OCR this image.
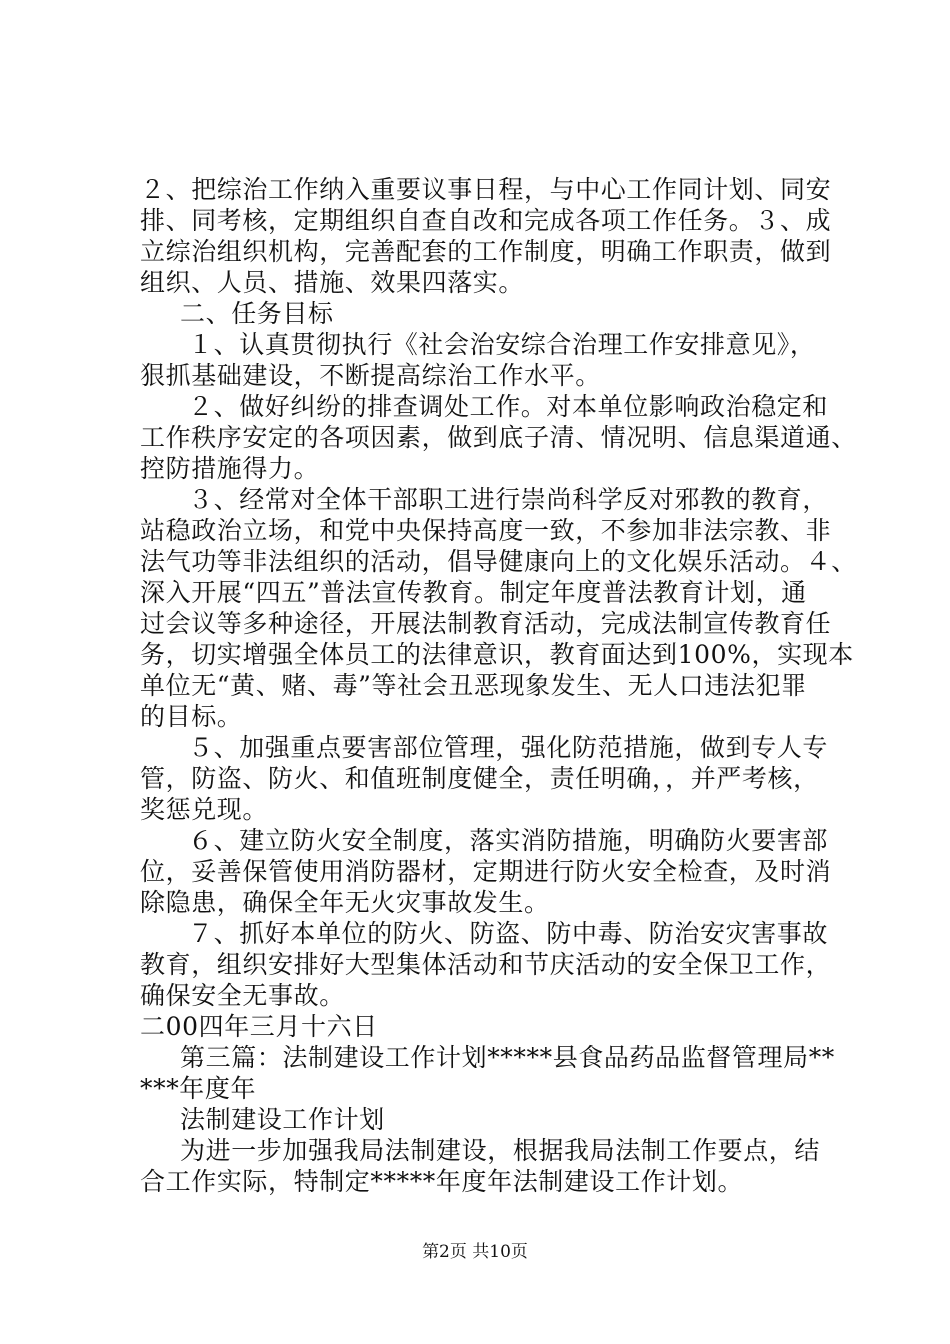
２、把综治工作纳入重要议事日程，与中心工作同计划、同安
排、同考核，定期组织自查自改和完成各项工作任务。３、成
立综治组织机构，完善配套的工作制度，明确工作职责，做到
组织、人员、措施、效果四落实。
二、任务目标
１、认真贯彻执行《社会治安综合治理工作安排意见》，
狠抓基础建设，不断提高综治工作水平。
２、做好纠纷的排查调处工作。对本单位影响政治稳定和
工作秩序安定的各项因素，做到底子清、情况明、信息渠道通、
控防措施得力。
３、经常对全体干部职工进行崇尚科学反对邪教的教育，
站稳政治立场，和党中央保持高度一致，不参加非法宗教、非
法气功等非法组织的活动，倡导健康向上的文化娱乐活动。４、
深入开展“四五”普法宣传教育。制定年度普法教育计划，通
过会议等多种途径，开展法制教育活动，完成法制宣传教育任
务，切实增强全体员工的法律意识，教育面达到100%，实现本
单位无“黄、赌、毒”等社会丑恶现象发生、无人口违法犯罪
的目标。
５、加强重点要害部位管理，强化防范措施，做到专人专
管，防盗、防火、和值班制度健全，责任明确，，并严考核，
奖惩兑现。
６、建立防火安全制度，落实消防措施，明确防火要害部
位，妥善保管使用消防器材，定期进行防火安全检查，及时消
除隐患，确保全年无火灾事故发生。
７、抓好本单位的防火、防盗、防中毒、防治安灾害事故
教育，组织安排好大型集体活动和节庆活动的安全保卫工作，
确保安全无事故。
二00四年三月十六日
第三篇：法制建设工作计划*****县食品药品监督管理局**
***年度年
法制建设工作计划
为进一步加强我局法制建设，根据我局法制工作要点，结
合工作实际，特制定*****年度年法制建设工作计划。
第2页 共10页
